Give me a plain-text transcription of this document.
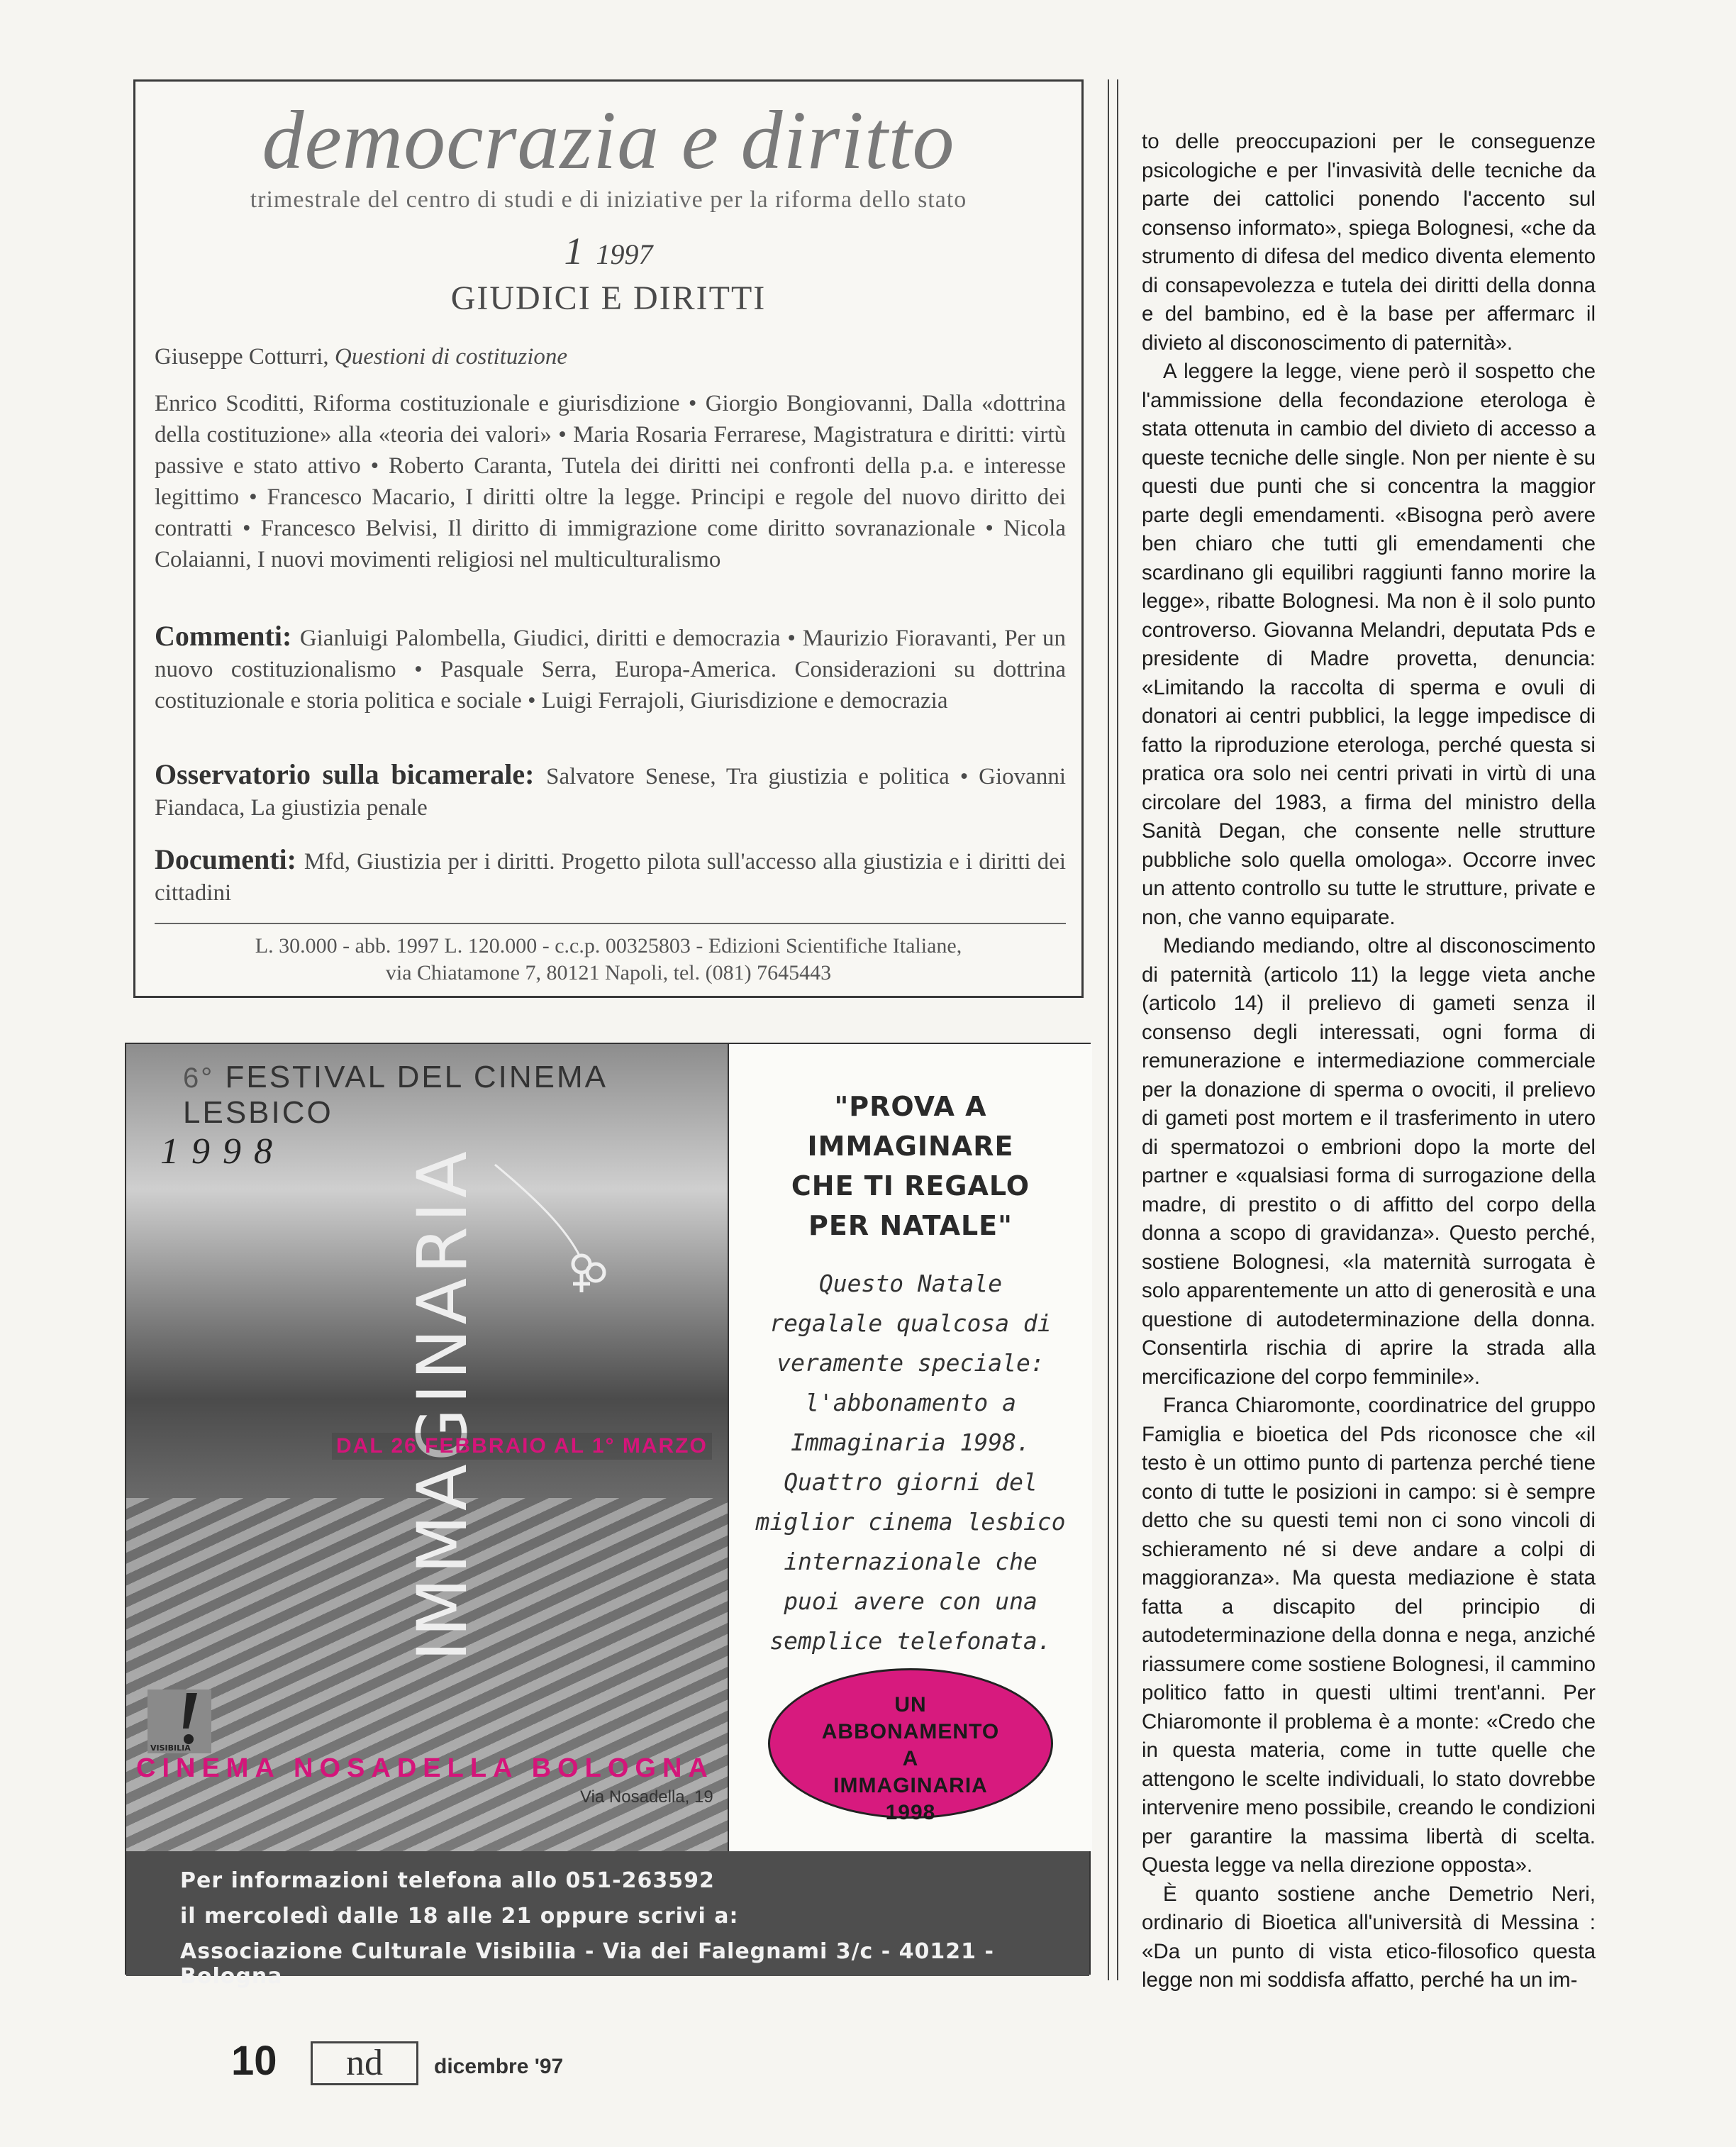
democrazia e diritto
trimestrale del centro di studi e di iniziative per la riforma dello stato
1 1997
GIUDICI E DIRITTI
Giuseppe Cotturri, Questioni di costituzione
Enrico Scoditti, Riforma costituzionale e giurisdizione • Giorgio Bongiovanni, Dalla «dottrina della costituzione» alla «teoria dei valori» • Maria Rosaria Ferrarese, Magistratura e diritti: virtù passive e stato attivo • Roberto Caranta, Tutela dei diritti nei confronti della p.a. e interesse legittimo • Francesco Macario, I diritti oltre la legge. Principi e regole del nuovo diritto dei contratti • Francesco Belvisi, Il diritto di immigrazione come diritto sovranazionale • Nicola Colaianni, I nuovi movimenti religiosi nel multiculturalismo
Commenti: Gianluigi Palombella, Giudici, diritti e democrazia • Maurizio Fioravanti, Per un nuovo costituzionalismo • Pasquale Serra, Europa-America. Considerazioni su dottrina costituzionale e storia politica e sociale • Luigi Ferrajoli, Giurisdizione e democrazia
Osservatorio sulla bicamerale: Salvatore Senese, Tra giustizia e politica • Giovanni Fiandaca, La giustizia penale
Documenti: Mfd, Giustizia per i diritti. Progetto pilota sull'accesso alla giustizia e i diritti dei cittadini
L. 30.000 - abb. 1997 L. 120.000 - c.c.p. 00325803 - Edizioni Scientifiche Italiane,
via Chiatamone 7, 80121 Napoli, tel. (081) 7645443
6° FESTIVAL DEL CINEMA LESBICO
1998 IMMAGINARIA
DAL 26 FEBBRAIO AL 1° MARZO
VISIBILIA
CINEMA NOSADELLA BOLOGNA
Via Nosadella, 19
"PROVA A
IMMAGINARE
CHE TI REGALO
PER NATALE"
Questo Natale
regalale qualcosa di
veramente speciale:
l'abbonamento a
Immaginaria 1998.
Quattro giorni del
miglior cinema lesbico
internazionale che
puoi avere con una
semplice telefonata.
UN
ABBONAMENTO
A
IMMAGINARIA
1998
Per informazioni telefona allo 051-263592
il mercoledì dalle 18 alle 21 oppure scrivi a:
Associazione Culturale Visibilia - Via dei Falegnami 3/c - 40121 - Bologna

to delle preoccupazioni per le conseguenze psicologiche e per l'invasività delle tecniche da parte dei cattolici ponendo l'accento sul consenso informato», spiega Bolognesi, «che da strumento di difesa del medico diventa elemento di consapevolezza e tutela dei diritti della donna e del bambino, ed è la base per affermarc il divieto al disconoscimento di paternità».

A leggere la legge, viene però il sospetto che l'ammissione della fecondazione eterologa è stata ottenuta in cambio del divieto di accesso a queste tecniche delle single. Non per niente è su questi due punti che si concentra la maggior parte degli emendamenti. «Bisogna però avere ben chiaro che tutti gli emendamenti che scardinano gli equilibri raggiunti fanno morire la legge», ribatte Bolognesi. Ma non è il solo punto controverso. Giovanna Melandri, deputata Pds e presidente di Madre provetta, denuncia: «Limitando la raccolta di sperma e ovuli di donatori ai centri pubblici, la legge impedisce di fatto la riproduzione eterologa, perché questa si pratica ora solo nei centri privati in virtù di una circolare del 1983, a firma del ministro della Sanità Degan, che consente nelle strutture pubbliche solo quella omologa». Occorre invec un attento controllo su tutte le strutture, private e non, che vanno equiparate.

Mediando mediando, oltre al disconoscimento di paternità (articolo 11) la legge vieta anche (articolo 14) il prelievo di gameti senza il consenso degli interessati, ogni forma di remunerazione e intermediazione commerciale per la donazione di sperma o ovociti, il prelievo di gameti post mortem e il trasferimento in utero di spermatozoi o embrioni dopo la morte del partner e «qualsiasi forma di surrogazione della madre, di prestito o di affitto del corpo della donna a scopo di gravidanza». Questo perché, sostiene Bolognesi, «la maternità surrogata è solo apparentemente un atto di generosità e una questione di autodeterminazione della donna. Consentirla rischia di aprire la strada alla mercificazione del corpo femminile».

Franca Chiaromonte, coordinatrice del gruppo Famiglia e bioetica del Pds riconosce che «il testo è un ottimo punto di partenza perché tiene conto di tutte le posizioni in campo: si è sempre detto che su questi temi non ci sono vincoli di schieramento né si deve andare a colpi di maggioranza». Ma questa mediazione è stata fatta a discapito del principio di autodeterminazione della donna e nega, anziché riassumere come sostiene Bolognesi, il cammino politico fatto in questi ultimi trent'anni. Per Chiaromonte il problema è a monte: «Credo che in questa materia, come in tutte quelle che attengono le scelte individuali, lo stato dovrebbe intervenire meno possibile, creando le condizioni per garantire la massima libertà di scelta. Questa legge va nella direzione opposta».

È quanto sostiene anche Demetrio Neri, ordinario di Bioetica all'università di Messina : «Da un punto di vista etico-filosofico questa legge non mi soddisfa affatto, perché ha un im-

10	nd	dicembre '97
